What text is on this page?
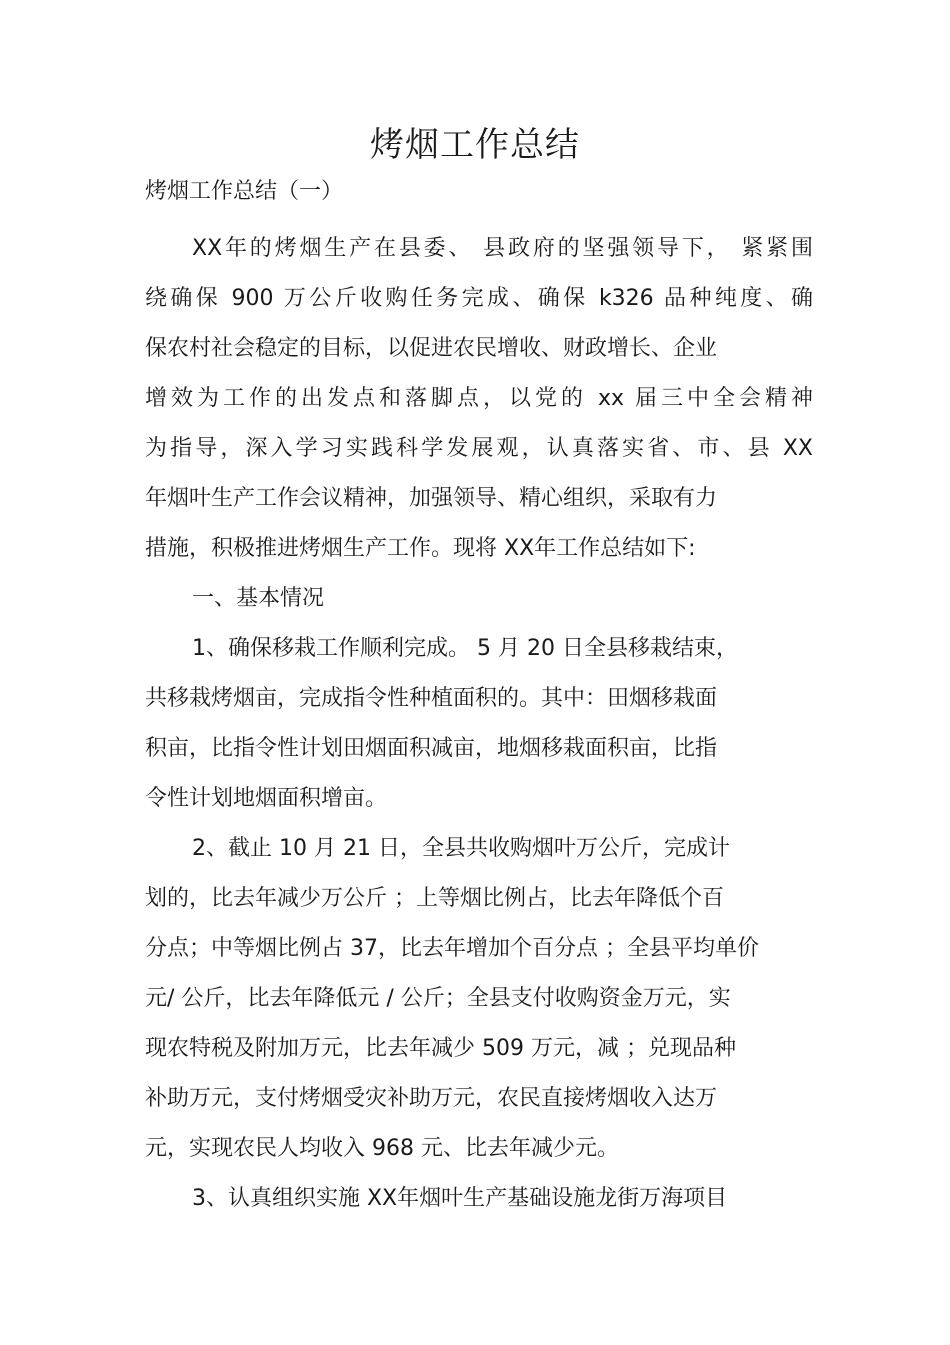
烤烟工作总结
烤烟工作总结（一）
XX年的烤烟生产在县委、 县政府的坚强领导下， 紧紧围
绕确保 900 万公斤收购任务完成、确保 k326 品种纯度、确
保农村社会稳定的目标，以促进农民增收、财政增长、企业
增效为工作的出发点和落脚点，以党的 xx 届三中全会精神
为指导，深入学习实践科学发展观，认真落实省、市、县 XX
年烟叶生产工作会议精神，加强领导、精心组织，采取有力
措施，积极推进烤烟生产工作。现将 XX年工作总结如下:
一、基本情况
1、确保移栽工作顺利完成。 5 月 20 日全县移栽结束，
共移栽烤烟亩，完成指令性种植面积的。其中：田烟移栽面
积亩，比指令性计划田烟面积减亩，地烟移栽面积亩，比指
令性计划地烟面积增亩。
2、截止 10 月 21 日，全县共收购烟叶万公斤，完成计
划的，比去年减少万公斤 ；上等烟比例占，比去年降低个百
分点；中等烟比例占 37，比去年增加个百分点 ；全县平均单价
元/ 公斤，比去年降低元 / 公斤；全县支付收购资金万元，实
现农特税及附加万元，比去年减少 509 万元，减 ；兑现品种
补助万元，支付烤烟受灾补助万元，农民直接烤烟收入达万
元，实现农民人均收入 968 元、比去年减少元。
3、认真组织实施 XX年烟叶生产基础设施龙街万海项目
